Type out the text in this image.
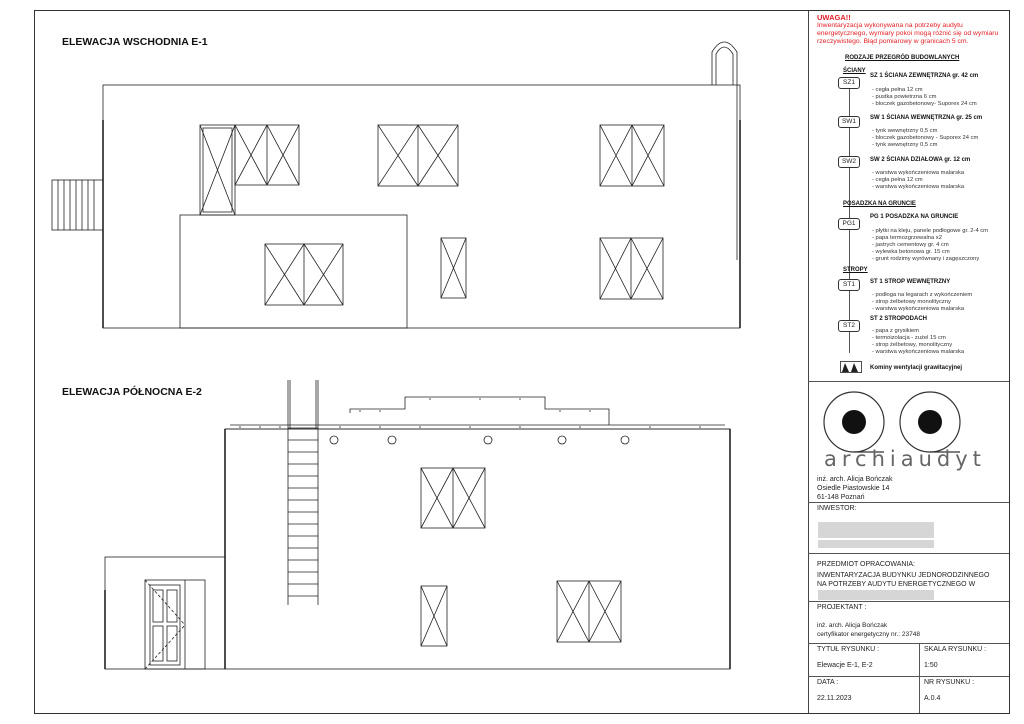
ELEWACJA WSCHODNIA E-1
ELEWACJA PÓŁNOCNA E-2
UWAGA!!
Inwentaryzacja wykonywana na potrzeby audytu energetycznego, wymiary pokoi mogą różnić się od wymiaru rzeczywistego. Błąd pomiarowy w granicach 5 cm.
RODZAJE PRZEGRÓD BUDOWLANYCH
ŚCIANY
SZ1
SZ 1 ŚCIANA ZEWNĘTRZNA gr. 42 cm
- cegła pełna 12 cm
- pustka powietrzna 6 cm
- bloczek gazobetonowy- Suporex 24 cm
SW1	SW 1 ŚCIANA WEWNĘTRZNA gr. 25 cm
- tynk wewnętrzny 0,5 cm
- bloczek gazobetonowy - Suporex 24 cm
- tynk wewnętrzny 0,5 cm
SW2	SW 2 ŚCIANA DZIAŁOWA gr. 12 cm
- warstwa wykończeniowa malarska
- cegła pełna 12 cm
- warstwa wykończeniowa malarska
POSADZKA NA GRUNCIE
PG1
PG 1 POSADZKA NA GRUNCIE
- płytki na kleju, panele podłogowe gr. 2-4 cm
- papa termozgrzewalna x2
- jastrych cementowy gr. 4 cm
- wylewka betonowa gr. 15 cm
- grunt rodzimy wyrównany i zagęszczony
STROPY
ST1	ST 1 STROP WEWNĘTRZNY
- podłoga na legarach z wykończeniem
- strop żelbetowy monolityczny
- warstwa wykończeniowa malarska
ST2
ST 2 STROPODACH
- papa z grysikiem
- termoizolacja - zużel 15 cm
- strop żelbetowy, monolityczny
- warstwa wykończeniowa malarska
Kominy wentylacji grawitacyjnej
archiaudyt
inż. arch. Alicja Bończak
Osiedle Piastowskie 14
61-148 Poznań
INWESTOR:
PRZEDMIOT OPRACOWANIA:
INWENTARYZACJA BUDYNKU JEDNORODZINNEGO NA POTRZEBY AUDYTU ENERGETYCZNEGO W
PROJEKTANT :
inż. arch. Alicja Bończak
certyfikator energetyczny nr.: 23748
TYTUŁ RYSUNKU :
Elewacje E-1, E-2
SKALA RYSUNKU :
1:50
DATA :
22.11.2023
NR RYSUNKU :
A.0.4
